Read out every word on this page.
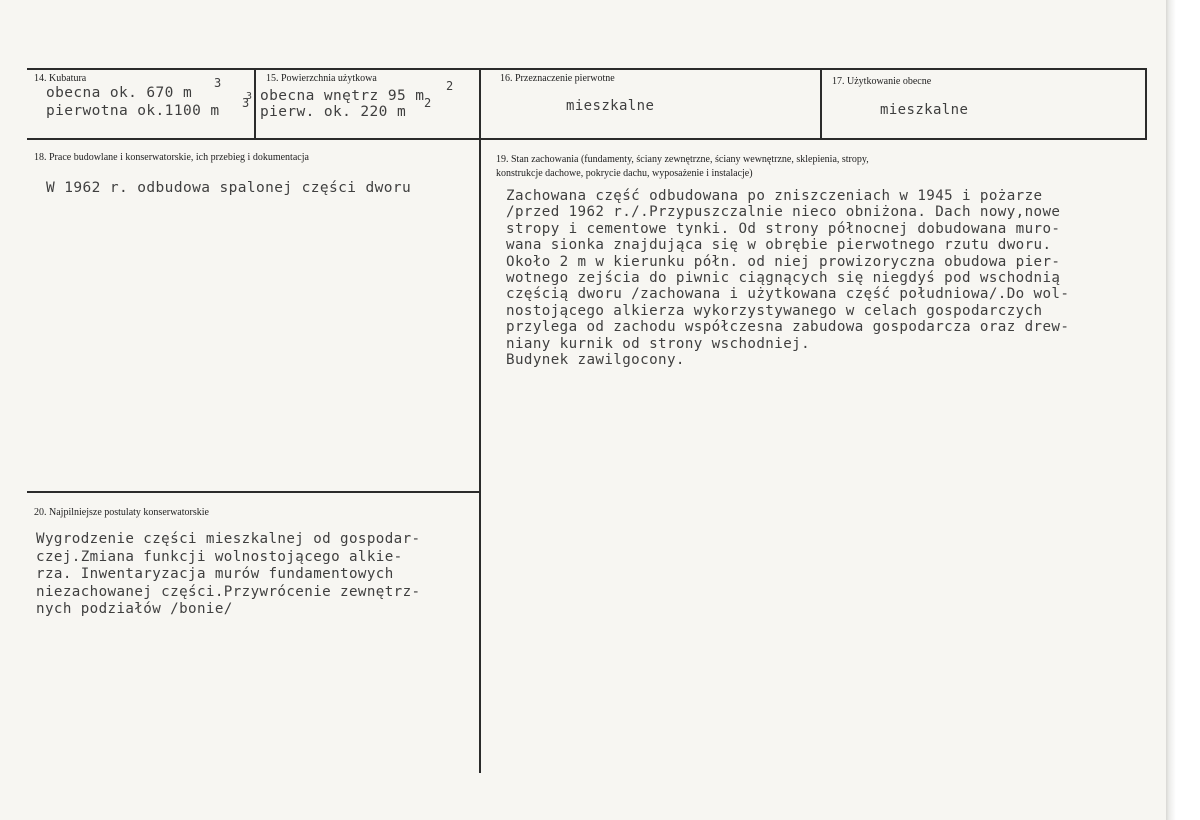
14. Kubatura
obecna ok. 670 m
3
3
pierwotna ok.1100 m 3
15. Powierzchnia użytkowa
obecna wnętrz 95 m
2
pierw. ok. 220 m
2
16. Przeznaczenie pierwotne
mieszkalne
17. Użytkowanie obecne
mieszkalne
18. Prace budowlane i konserwatorskie, ich przebieg i dokumentacja
W 1962 r. odbudowa spalonej części dworu
19. Stan zachowania (fundamenty, ściany zewnętrzne, ściany wewnętrzne, sklepienia, stropy,
konstrukcje dachowe, pokrycie dachu, wyposażenie i instalacje)
Zachowana część odbudowana po zniszczeniach w 1945 i pożarze
/przed 1962 r./.Przypuszczalnie nieco obniżona. Dach nowy,nowe
stropy i cementowe tynki. Od strony północnej dobudowana muro-
wana sionka znajdująca się w obrębie pierwotnego rzutu dworu.
Około 2 m w kierunku półn. od niej prowizoryczna obudowa pier-
wotnego zejścia do piwnic ciągnących się niegdyś pod wschodnią
częścią dworu /zachowana i użytkowana część południowa/.Do wol-
nostojącego alkierza wykorzystywanego w celach gospodarczych
przylega od zachodu współczesna zabudowa gospodarcza oraz drew-
niany kurnik od strony wschodniej.
Budynek zawilgocony.
20. Najpilniejsze postulaty konserwatorskie
Wygrodzenie części mieszkalnej od gospodar-
czej.Zmiana funkcji wolnostojącego alkie-
rza. Inwentaryzacja murów fundamentowych
niezachowanej części.Przywrócenie zewnętrz-
nych podziałów /bonie/
